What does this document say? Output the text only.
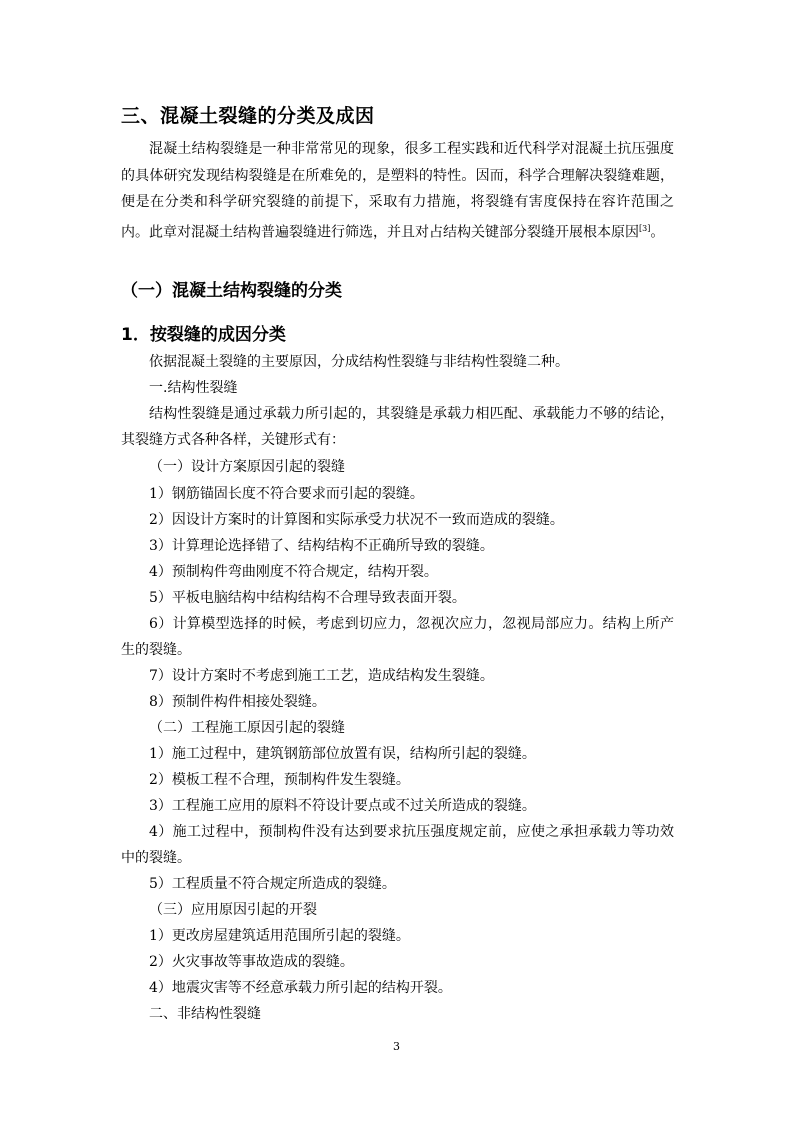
三、混凝土裂缝的分类及成因

混凝土结构裂缝是一种非常常见的现象，很多工程实践和近代科学对混凝土抗压强度的具体研究发现结构裂缝是在所难免的，是塑料的特性。因而，科学合理解决裂缝难题，便是在分类和科学研究裂缝的前提下，采取有力措施，将裂缝有害度保持在容许范围之内。此章对混凝土结构普遍裂缝进行筛选，并且对占结构关键部分裂缝开展根本原因[3]。

（一）混凝土结构裂缝的分类
1．按裂缝的成因分类
依据混凝土裂缝的主要原因，分成结构性裂缝与非结构性裂缝二种。
一.结构性裂缝

结构性裂缝是通过承载力所引起的，其裂缝是承载力相匹配、承载能力不够的结论，其裂缝方式各种各样，关键形式有：

（一）设计方案原因引起的裂缝
1）钢筋锚固长度不符合要求而引起的裂缝。
2）因设计方案时的计算图和实际承受力状况不一致而造成的裂缝。
3）计算理论选择错了、结构结构不正确所导致的裂缝。
4）预制构件弯曲刚度不符合规定，结构开裂。
5）平板电脑结构中结构结构不合理导致表面开裂。

6）计算模型选择的时候，考虑到切应力，忽视次应力，忽视局部应力。结构上所产生的裂缝。

7）设计方案时不考虑到施工工艺，造成结构发生裂缝。
8）预制件构件相接处裂缝。
（二）工程施工原因引起的裂缝
1）施工过程中，建筑钢筋部位放置有误，结构所引起的裂缝。
2）模板工程不合理，预制构件发生裂缝。
3）工程施工应用的原料不符设计要点或不过关所造成的裂缝。

4）施工过程中，预制构件没有达到要求抗压强度规定前，应使之承担承载力等功效中的裂缝。

5）工程质量不符合规定所造成的裂缝。
（三）应用原因引起的开裂
1）更改房屋建筑适用范围所引起的裂缝。
2）火灾事故等事故造成的裂缝。
4）地震灾害等不经意承载力所引起的结构开裂。
二、非结构性裂缝
3
